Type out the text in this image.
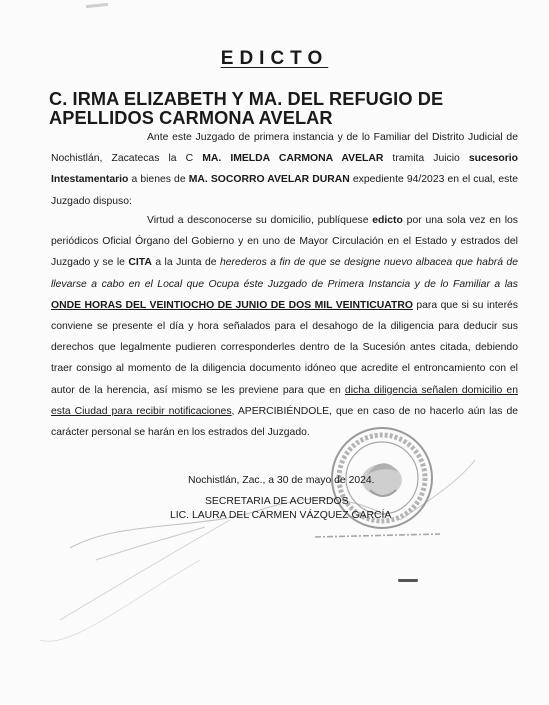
EDICTO
C. IRMA ELIZABETH Y MA. DEL REFUGIO DE APELLIDOS CARMONA AVELAR
Ante este Juzgado de primera instancia y de lo Familiar del Distrito Judicial de Nochistlán, Zacatecas la C MA. IMELDA CARMONA AVELAR tramita Juicio sucesorio Intestamentario a bienes de MA. SOCORRO AVELAR DURAN expediente 94/2023 en el cual, este Juzgado dispuso:
Virtud a desconocerse su domicilio, publíquese edicto por una sola vez en los periódicos Oficial Órgano del Gobierno y en uno de Mayor Circulación en el Estado y estrados del Juzgado y se le CITA a la Junta de herederos a fin de que se designe nuevo albacea que habrá de llevarse a cabo en el Local que Ocupa éste Juzgado de Primera Instancia y de lo Familiar a las ONDE HORAS DEL VEINTIOCHO DE JUNIO DE DOS MIL VEINTICUATRO para que si su interés conviene se presente el día y hora señalados para el desahogo de la diligencia para deducir sus derechos que legalmente pudieren corresponderles dentro de la Sucesión antes citada, debiendo traer consigo al momento de la diligencia documento idóneo que acredite el entroncamiento con el autor de la herencia, así mismo se les previene para que en dicha diligencia señalen domicilio en esta Ciudad para recibir notificaciones, APERCIBIÉNDOLE, que en caso de no hacerlo aún las de carácter personal se harán en los estrados del Juzgado.
Nochistlán, Zac., a 30 de mayo de 2024.
SECRETARIA DE ACUERDOS
LIC. LAURA DEL CARMEN VÁZQUEZ GARCÍA
